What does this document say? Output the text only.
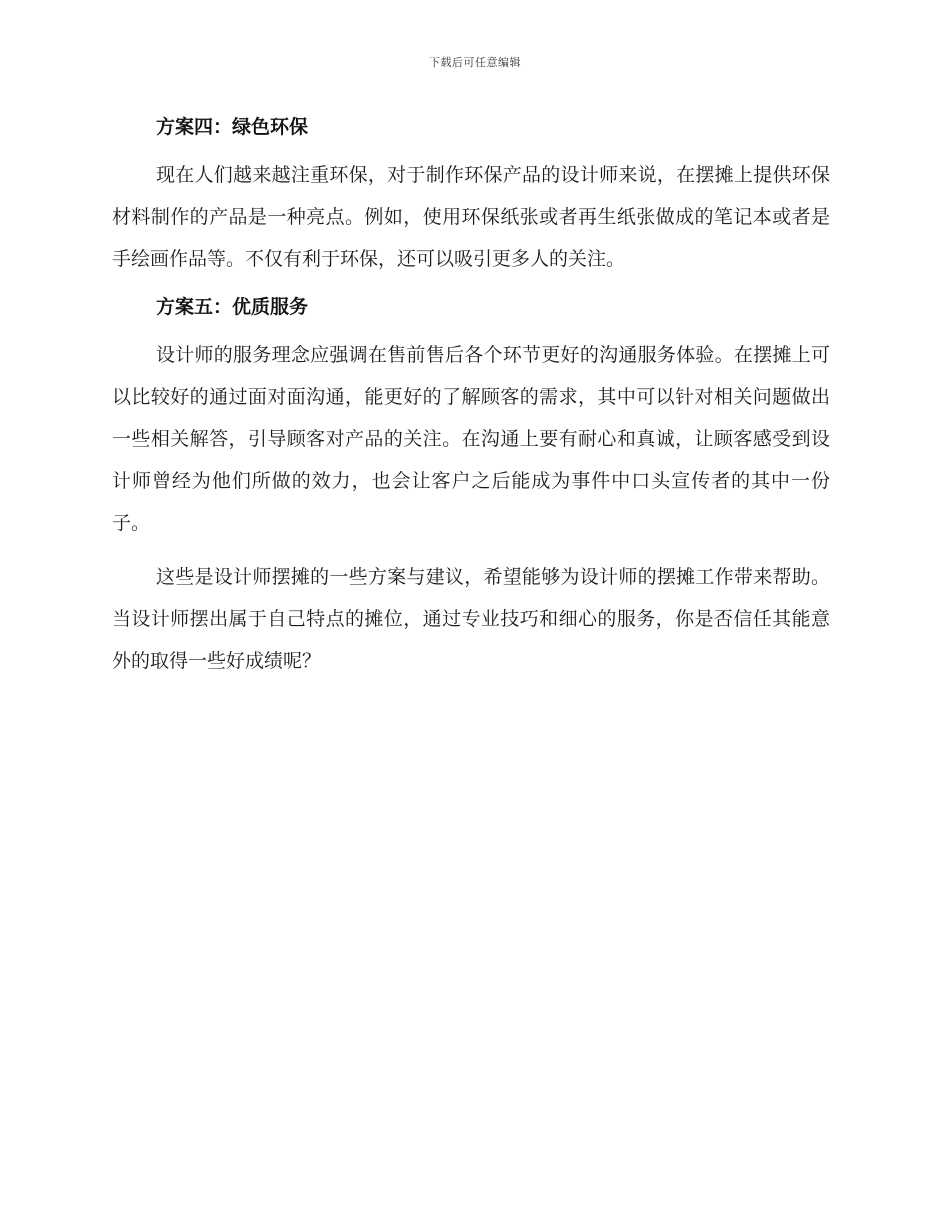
下载后可任意编辑
方案四：绿色环保

现在人们越来越注重环保，对于制作环保产品的设计师来说，在摆摊上提供环保材料制作的产品是一种亮点。例如，使用环保纸张或者再生纸张做成的笔记本或者是手绘画作品等。不仅有利于环保，还可以吸引更多人的关注。

方案五：优质服务

设计师的服务理念应强调在售前售后各个环节更好的沟通服务体验。在摆摊上可以比较好的通过面对面沟通，能更好的了解顾客的需求，其中可以针对相关问题做出一些相关解答，引导顾客对产品的关注。在沟通上要有耐心和真诚，让顾客感受到设计师曾经为他们所做的效力，也会让客户之后能成为事件中口头宣传者的其中一份子。

这些是设计师摆摊的一些方案与建议，希望能够为设计师的摆摊工作带来帮助。当设计师摆出属于自己特点的摊位，通过专业技巧和细心的服务，你是否信任其能意外的取得一些好成绩呢？
